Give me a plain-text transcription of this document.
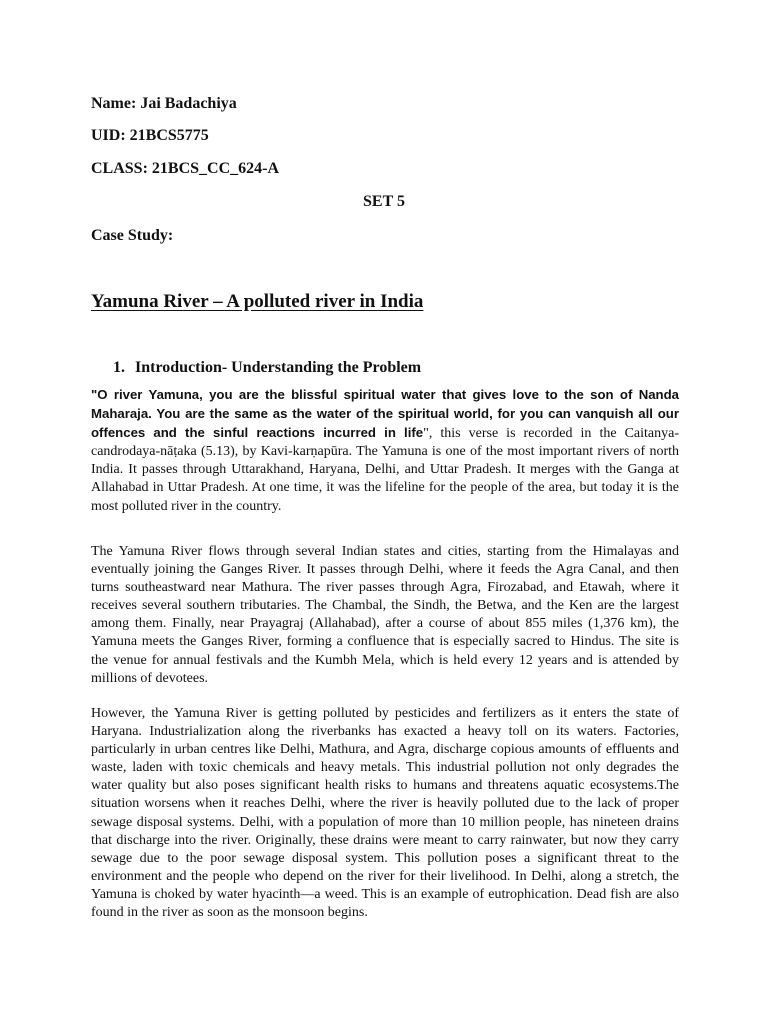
Name: Jai Badachiya
UID: 21BCS5775
CLASS: 21BCS_CC_624-A
SET 5
Case Study:
Yamuna River – A polluted river in India
1. Introduction- Understanding the Problem

"O river Yamuna, you are the blissful spiritual water that gives love to the son of Nanda Maharaja. You are the same as the water of the spiritual world, for you can vanquish all our offences and the sinful reactions incurred in life", this verse is recorded in the Caitanya-candrodaya-nāṭaka (5.13), by Kavi-karṇapūra. The Yamuna is one of the most important rivers of north India. It passes through Uttarakhand, Haryana, Delhi, and Uttar Pradesh. It merges with the Ganga at Allahabad in Uttar Pradesh. At one time, it was the lifeline for the people of the area, but today it is the most polluted river in the country.

The Yamuna River flows through several Indian states and cities, starting from the Himalayas and eventually joining the Ganges River. It passes through Delhi, where it feeds the Agra Canal, and then turns southeastward near Mathura. The river passes through Agra, Firozabad, and Etawah, where it receives several southern tributaries. The Chambal, the Sindh, the Betwa, and the Ken are the largest among them. Finally, near Prayagraj (Allahabad), after a course of about 855 miles (1,376 km), the Yamuna meets the Ganges River, forming a confluence that is especially sacred to Hindus. The site is the venue for annual festivals and the Kumbh Mela, which is held every 12 years and is attended by millions of devotees.

However, the Yamuna River is getting polluted by pesticides and fertilizers as it enters the state of Haryana. Industrialization along the riverbanks has exacted a heavy toll on its waters. Factories, particularly in urban centres like Delhi, Mathura, and Agra, discharge copious amounts of effluents and waste, laden with toxic chemicals and heavy metals. This industrial pollution not only degrades the water quality but also poses significant health risks to humans and threatens aquatic ecosystems.The situation worsens when it reaches Delhi, where the river is heavily polluted due to the lack of proper sewage disposal systems. Delhi, with a population of more than 10 million people, has nineteen drains that discharge into the river. Originally, these drains were meant to carry rainwater, but now they carry sewage due to the poor sewage disposal system. This pollution poses a significant threat to the environment and the people who depend on the river for their livelihood. In Delhi, along a stretch, the Yamuna is choked by water hyacinth—a weed. This is an example of eutrophication. Dead fish are also found in the river as soon as the monsoon begins.
